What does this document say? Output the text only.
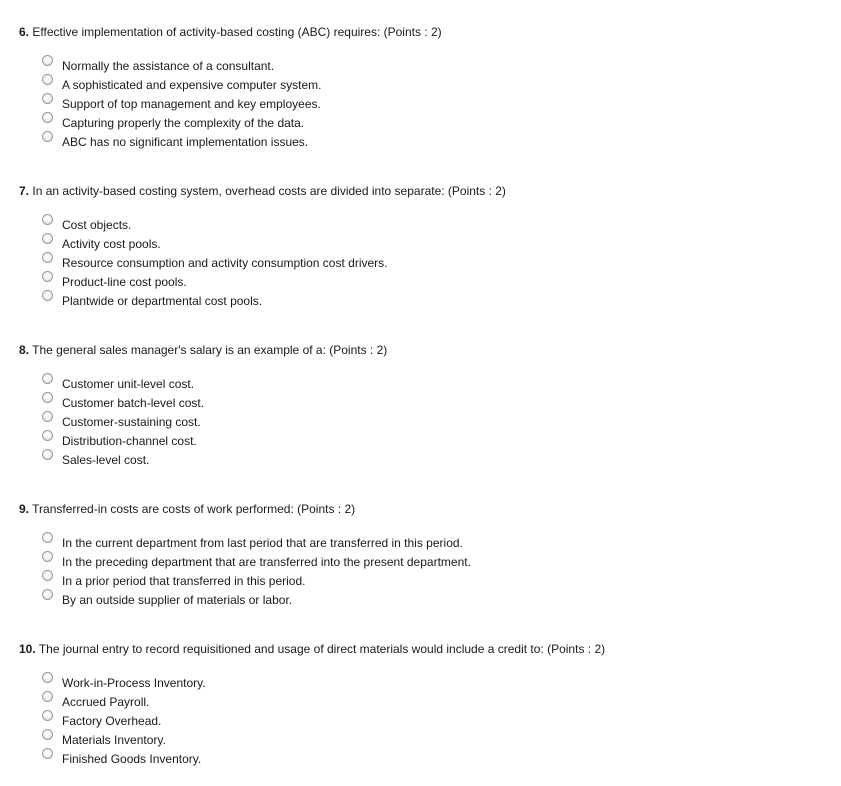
6. Effective implementation of activity-based costing (ABC) requires: (Points : 2)
Normally the assistance of a consultant.
A sophisticated and expensive computer system.
Support of top management and key employees.
Capturing properly the complexity of the data.
ABC has no significant implementation issues.
7. In an activity-based costing system, overhead costs are divided into separate: (Points : 2)
Cost objects.
Activity cost pools.
Resource consumption and activity consumption cost drivers.
Product-line cost pools.
Plantwide or departmental cost pools.
8. The general sales manager's salary is an example of a: (Points : 2)
Customer unit-level cost.
Customer batch-level cost.
Customer-sustaining cost.
Distribution-channel cost.
Sales-level cost.
9. Transferred-in costs are costs of work performed: (Points : 2)
In the current department from last period that are transferred in this period.
In the preceding department that are transferred into the present department.
In a prior period that transferred in this period.
By an outside supplier of materials or labor.
10. The journal entry to record requisitioned and usage of direct materials would include a credit to: (Points : 2)
Work-in-Process Inventory.
Accrued Payroll.
Factory Overhead.
Materials Inventory.
Finished Goods Inventory.
